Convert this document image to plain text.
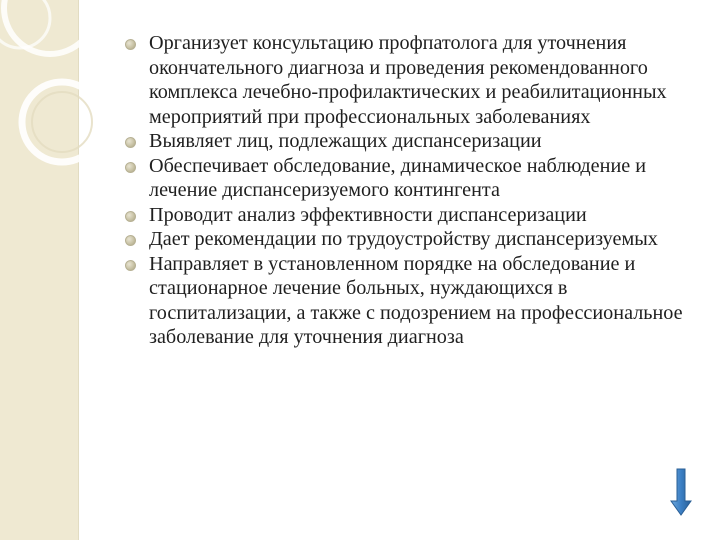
Организует консультацию профпатолога для уточнения окончательного диагноза и проведения рекомендованного комплекса лечебно-профилактических и реабилитационных мероприятий при профессиональных заболеваниях
Выявляет лиц, подлежащих диспансеризации
Обеспечивает обследование, динамическое наблюдение и лечение диспансеризуемого контингента
Проводит анализ эффективности диспансеризации
Дает рекомендации по трудоустройству диспансеризуемых
Направляет в установленном порядке на обследование и стационарное лечение больных, нуждающихся в госпитализации, а также с подозрением на профессиональное заболевание для уточнения диагноза
